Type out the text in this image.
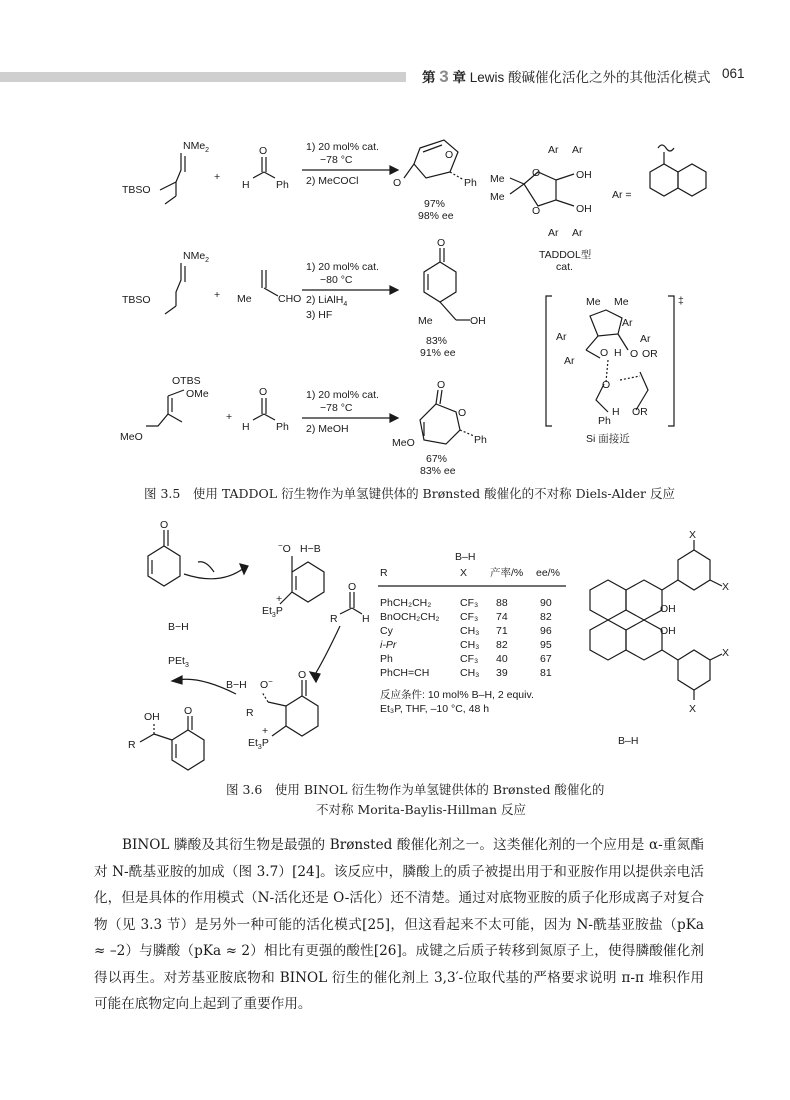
第 3 章 Lewis 酸碱催化活化之外的其他活化模式 061
NMe$_2$
TBSO
+
O
H	Ph
1) 20 mol% cat.
−78 °C
2) MeCOCl
O
O	Ph
97%
98% ee
Me
Me
O
O
OH
OH
Ar Ar
Ar Ar
TADDOL型
cat.
Ar =
NMe$_2$
TBSO	+ Me	CHO
1) 20 mol% cat.
−80 °C
2) LiAlH$_4$
3) HF
O
Me	OH
83%
91% ee
‡
Me Me
Ar
Ar
Ar
Ar
O H O OR
O
Ph
H OR
Si 面接近
OTBS
OMe
MeO
+
O
H	Ph
1) 20 mol% cat.
−78 °C
2) MeOH
O
O
MeO	Ph
67%
83% ee
图 3.5　使用 TADDOL 衍生物作为单氢键供体的 Brønsted 酸催化的不对称 Diels-Alder 反应
O
B−H
PEt$_3$
−O H−B
$Et_3P$
+
O
R H
B−H O−
O
R
$Et_3P$
+
O
OH
R
B–H
R	X 产率/% ee/%
PhCH₂CH₂	CF₃ 88	90
BnOCH₂CH₂ CF₃ 74	82
Cy	CH₃ 71	96
i-Pr	CH₃ 82	95
Ph	CF₃ 40	67
PhCH=CH	CH₃ 39	81
反应条件: 10 mol% B–H, 2 equiv.
Et₃P, THF, –10 °C, 48 h
OH
OH
X
X
X
X
B–H
图 3.6　使用 BINOL 衍生物作为单氢键供体的 Brønsted 酸催化的
不对称 Morita-Baylis-Hillman 反应

BINOL 膦酸及其衍生物是最强的 Brønsted 酸催化剂之一。这类催化剂的一个应用是 α-重氮酯对 N-酰基亚胺的加成（图 3.7）[24]。该反应中，膦酸上的质子被提出用于和亚胺作用以提供亲电活化，但是具体的作用模式（N-活化还是 O-活化）还不清楚。通过对底物亚胺的质子化形成离子对复合物（见 3.3 节）是另外一种可能的活化模式[25]，但这看起来不太可能，因为 N-酰基亚胺盐（pKa ≈ –2）与膦酸（pKa ≈ 2）相比有更强的酸性[26]。成键之后质子转移到氮原子上，使得膦酸催化剂得以再生。对芳基亚胺底物和 BINOL 衍生的催化剂上 3,3′-位取代基的严格要求说明 π-π 堆积作用可能在底物定向上起到了重要作用。
